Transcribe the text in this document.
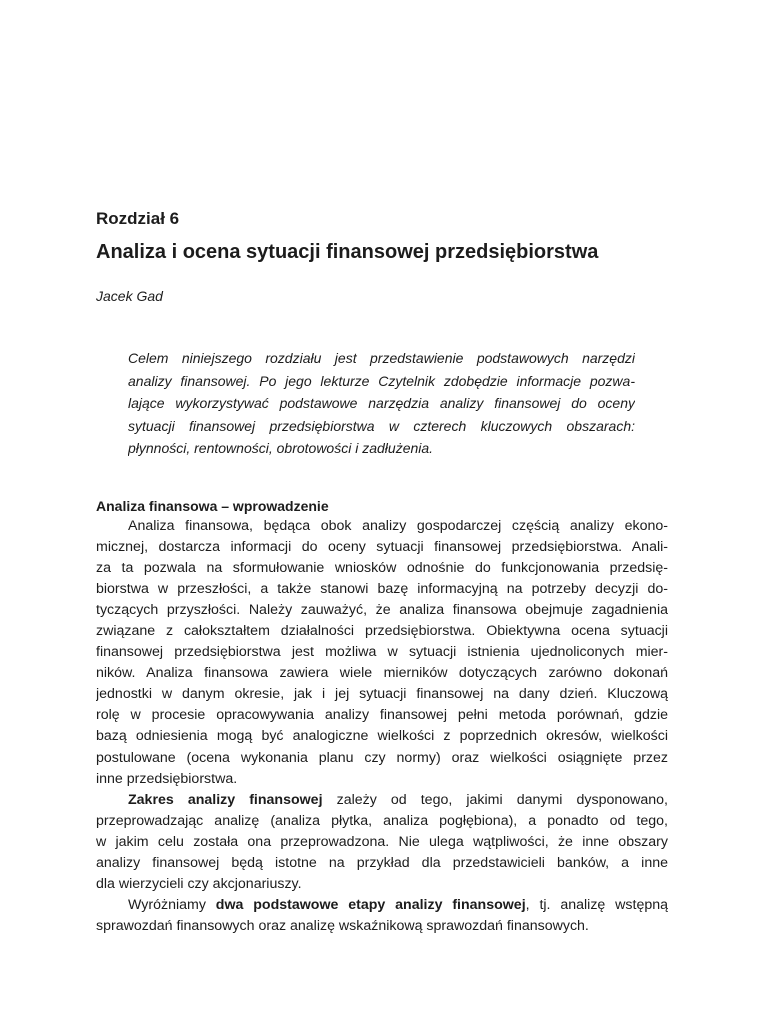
Rozdział 6
Analiza i ocena sytuacji finansowej przedsiębiorstwa
Jacek Gad
Celem niniejszego rozdziału jest przedstawienie podstawowych narzędzi
analizy finansowej. Po jego lekturze Czytelnik zdobędzie informacje pozwa-
lające wykorzystywać podstawowe narzędzia analizy finansowej do oceny
sytuacji finansowej przedsiębiorstwa w czterech kluczowych obszarach:
płynności, rentowności, obrotowości i zadłużenia.
Analiza finansowa – wprowadzenie
Analiza finansowa, będąca obok analizy gospodarczej częścią analizy ekono-
micznej, dostarcza informacji do oceny sytuacji finansowej przedsiębiorstwa. Anali-
za ta pozwala na sformułowanie wniosków odnośnie do funkcjonowania przedsię-
biorstwa w przeszłości, a także stanowi bazę informacyjną na potrzeby decyzji do-
tyczących przyszłości. Należy zauważyć, że analiza finansowa obejmuje zagadnienia
związane z całokształtem działalności przedsiębiorstwa. Obiektywna ocena sytuacji
finansowej przedsiębiorstwa jest możliwa w sytuacji istnienia ujednoliconych mier-
ników. Analiza finansowa zawiera wiele mierników dotyczących zarówno dokonań
jednostki w danym okresie, jak i jej sytuacji finansowej na dany dzień. Kluczową
rolę w procesie opracowywania analizy finansowej pełni metoda porównań, gdzie
bazą odniesienia mogą być analogiczne wielkości z poprzednich okresów, wielkości
postulowane (ocena wykonania planu czy normy) oraz wielkości osiągnięte przez
inne przedsiębiorstwa.
Zakres analizy finansowej zależy od tego, jakimi danymi dysponowano,
przeprowadzając analizę (analiza płytka, analiza pogłębiona), a ponadto od tego,
w jakim celu została ona przeprowadzona. Nie ulega wątpliwości, że inne obszary
analizy finansowej będą istotne na przykład dla przedstawicieli banków, a inne
dla wierzycieli czy akcjonariuszy.
Wyróżniamy dwa podstawowe etapy analizy finansowej, tj. analizę wstępną
sprawozdań finansowych oraz analizę wskaźnikową sprawozdań finansowych.
